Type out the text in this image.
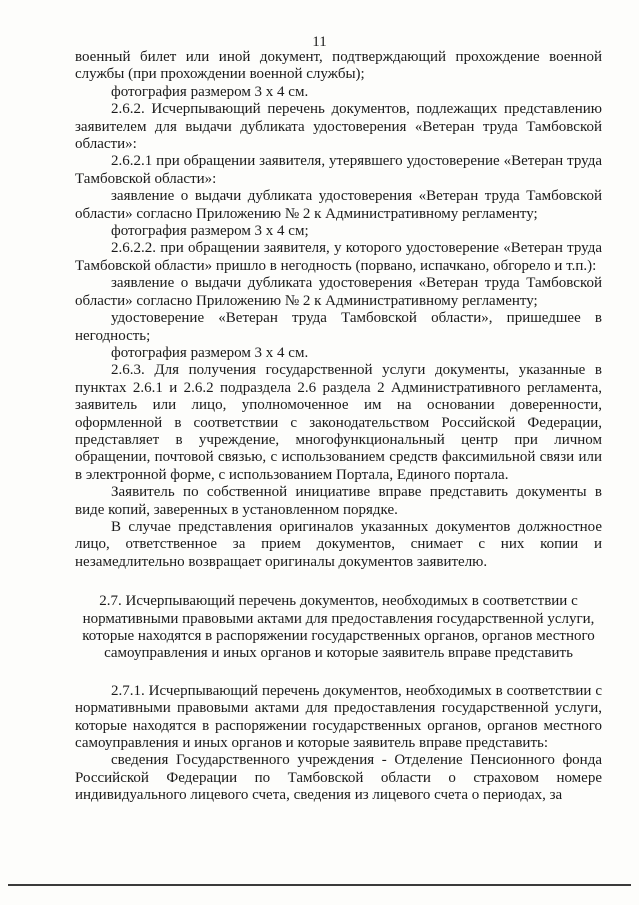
11

военный билет или иной документ, подтверждающий прохождение военной службы (при прохождении военной службы);

фотография размером 3 х 4 см.

2.6.2. Исчерпывающий перечень документов, подлежащих представлению заявителем для выдачи дубликата удостоверения «Ветеран труда Тамбовской области»:

2.6.2.1 при обращении заявителя, утерявшего удостоверение «Ветеран труда Тамбовской области»:

заявление о выдачи дубликата удостоверения «Ветеран труда Тамбовской области» согласно Приложению № 2 к Административному регламенту;

фотография размером 3 х 4 см;

2.6.2.2. при обращении заявителя, у которого удостоверение «Ветеран труда Тамбовской области» пришло в негодность (порвано, испачкано, обгорело и т.п.):

заявление о выдачи дубликата удостоверения «Ветеран труда Тамбовской области» согласно Приложению № 2 к Административному регламенту;

удостоверение «Ветеран труда Тамбовской области», пришедшее в негодность;

фотография размером 3 х 4 см.

2.6.3. Для получения государственной услуги документы, указанные в пунктах 2.6.1 и 2.6.2 подраздела 2.6 раздела 2 Административного регламента, заявитель или лицо, уполномоченное им на основании доверенности, оформленной в соответствии с законодательством Российской Федерации, представляет в учреждение, многофункциональный центр при личном обращении, почтовой связью, с использованием средств факсимильной связи или в электронной форме, с использованием Портала, Единого портала.

Заявитель по собственной инициативе вправе представить документы в виде копий, заверенных в установленном порядке.

В случае представления оригиналов указанных документов должностное лицо, ответственное за прием документов, снимает с них копии и незамедлительно возвращает оригиналы документов заявителю.

2.7. Исчерпывающий перечень документов, необходимых в соответствии с нормативными правовыми актами для предоставления государственной услуги, которые находятся в распоряжении государственных органов, органов местного самоуправления и иных органов и которые заявитель вправе представить

2.7.1. Исчерпывающий перечень документов, необходимых в соответствии с нормативными правовыми актами для предоставления государственной услуги, которые находятся в распоряжении государственных органов, органов местного самоуправления и иных органов и которые заявитель вправе представить:

сведения Государственного учреждения - Отделение Пенсионного фонда Российской Федерации по Тамбовской области о страховом номере индивидуального лицевого счета, сведения из лицевого счета о периодах, за
